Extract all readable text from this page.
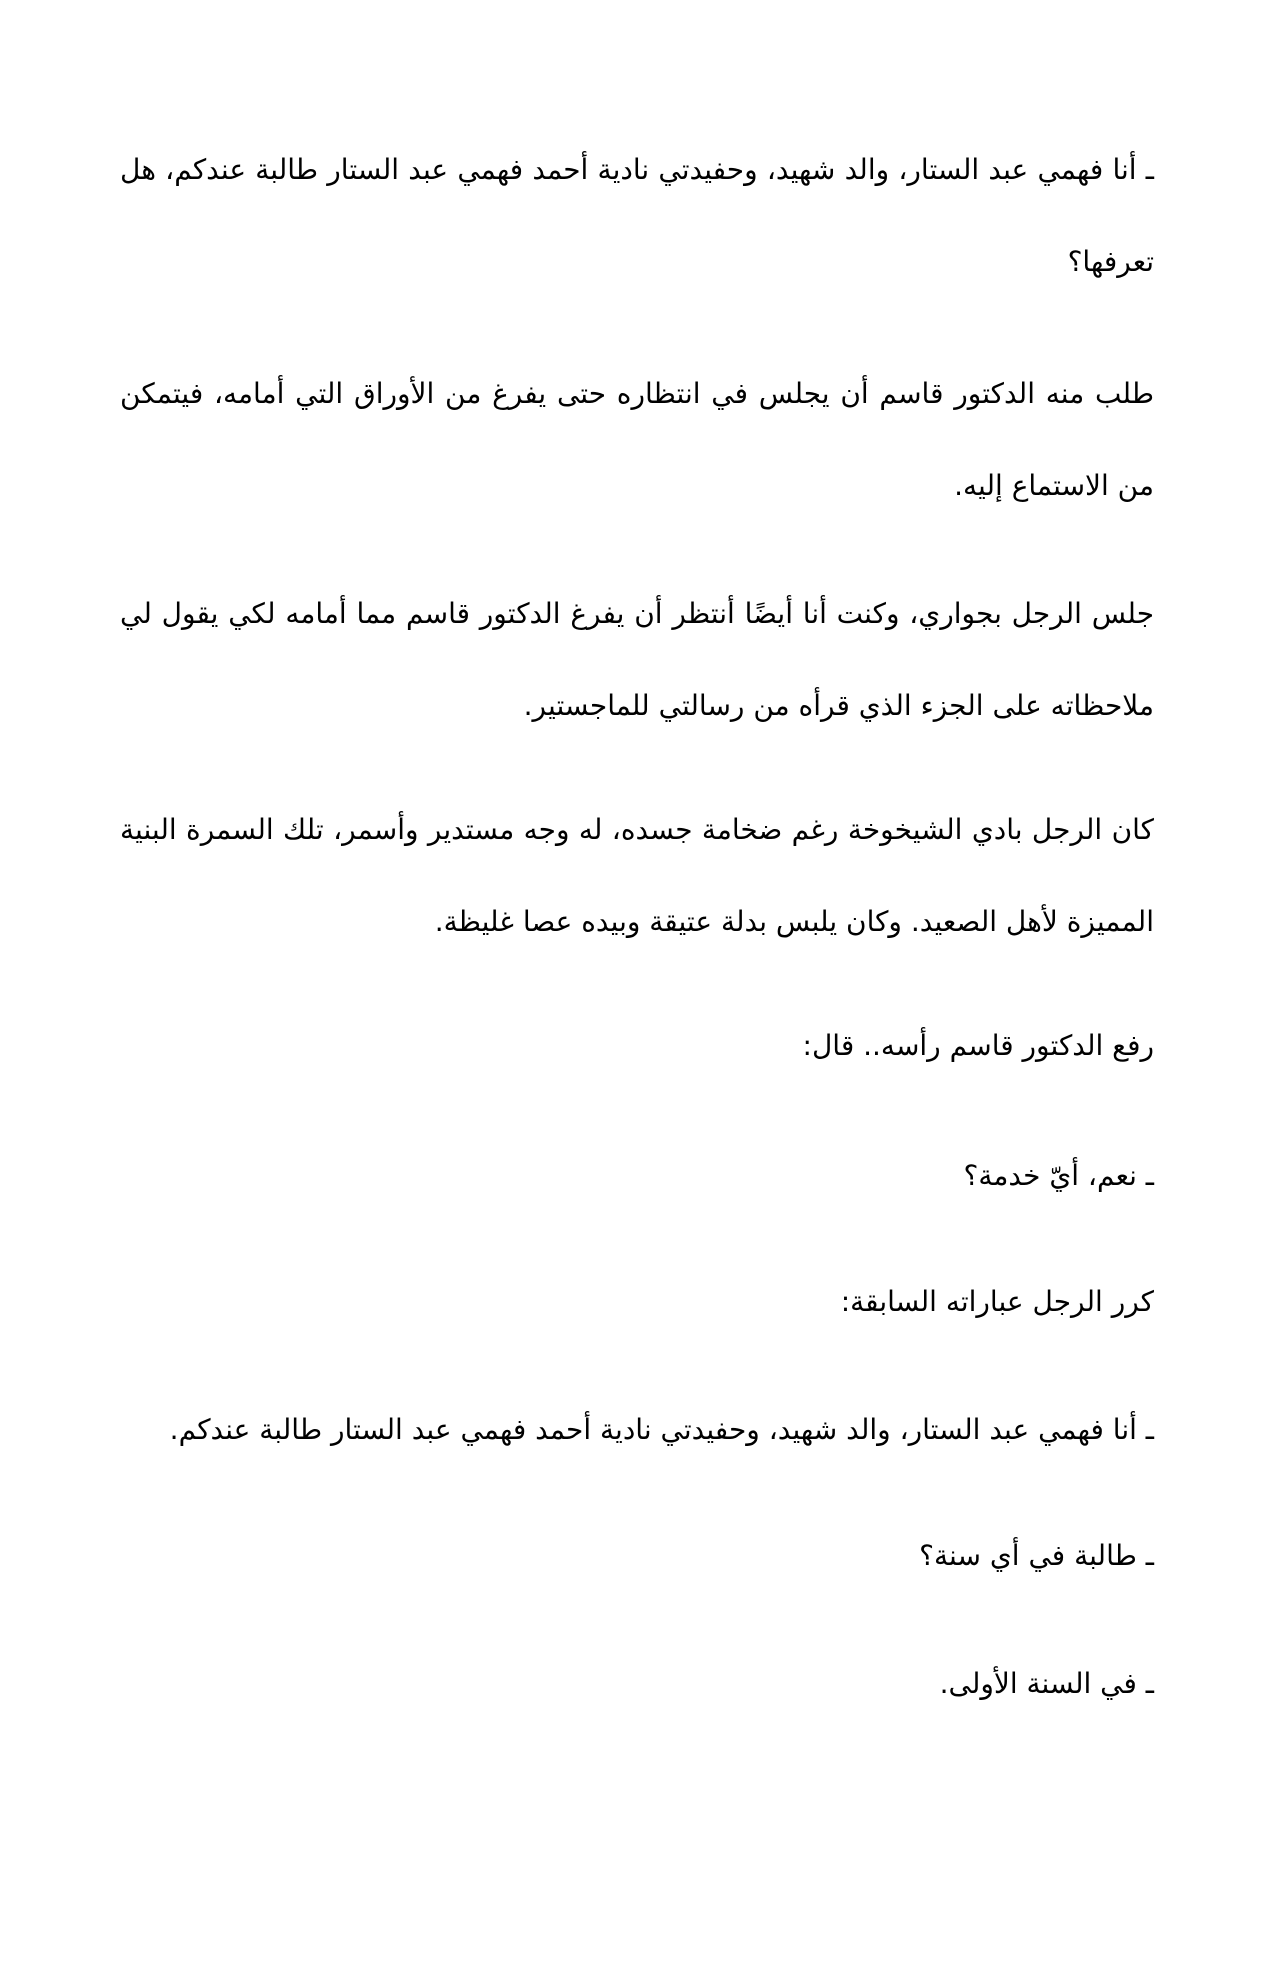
ـ أنا فهمي عبد الستار، والد شهيد، وحفيدتي نادية أحمد فهمي عبد الستار طالبة عندكم، هل تعرفها؟
طلب منه الدكتور قاسم أن يجلس في انتظاره حتى يفرغ من الأوراق التي أمامه، فيتمكن من الاستماع إليه.
جلس الرجل بجواري، وكنت أنا أيضًا أنتظر أن يفرغ الدكتور قاسم مما أمامه لكي يقول لي ملاحظاته على الجزء الذي قرأه من رسالتي للماجستير.
كان الرجل بادي الشيخوخة رغم ضخامة جسده، له وجه مستدير وأسمر، تلك السمرة البنية المميزة لأهل الصعيد. وكان يلبس بدلة عتيقة وبيده عصا غليظة.
رفع الدكتور قاسم رأسه.. قال:
ـ نعم، أيّ خدمة؟
كرر الرجل عباراته السابقة:
ـ أنا فهمي عبد الستار، والد شهيد، وحفيدتي نادية أحمد فهمي عبد الستار طالبة عندكم.
ـ طالبة في أي سنة؟
ـ في السنة الأولى.
